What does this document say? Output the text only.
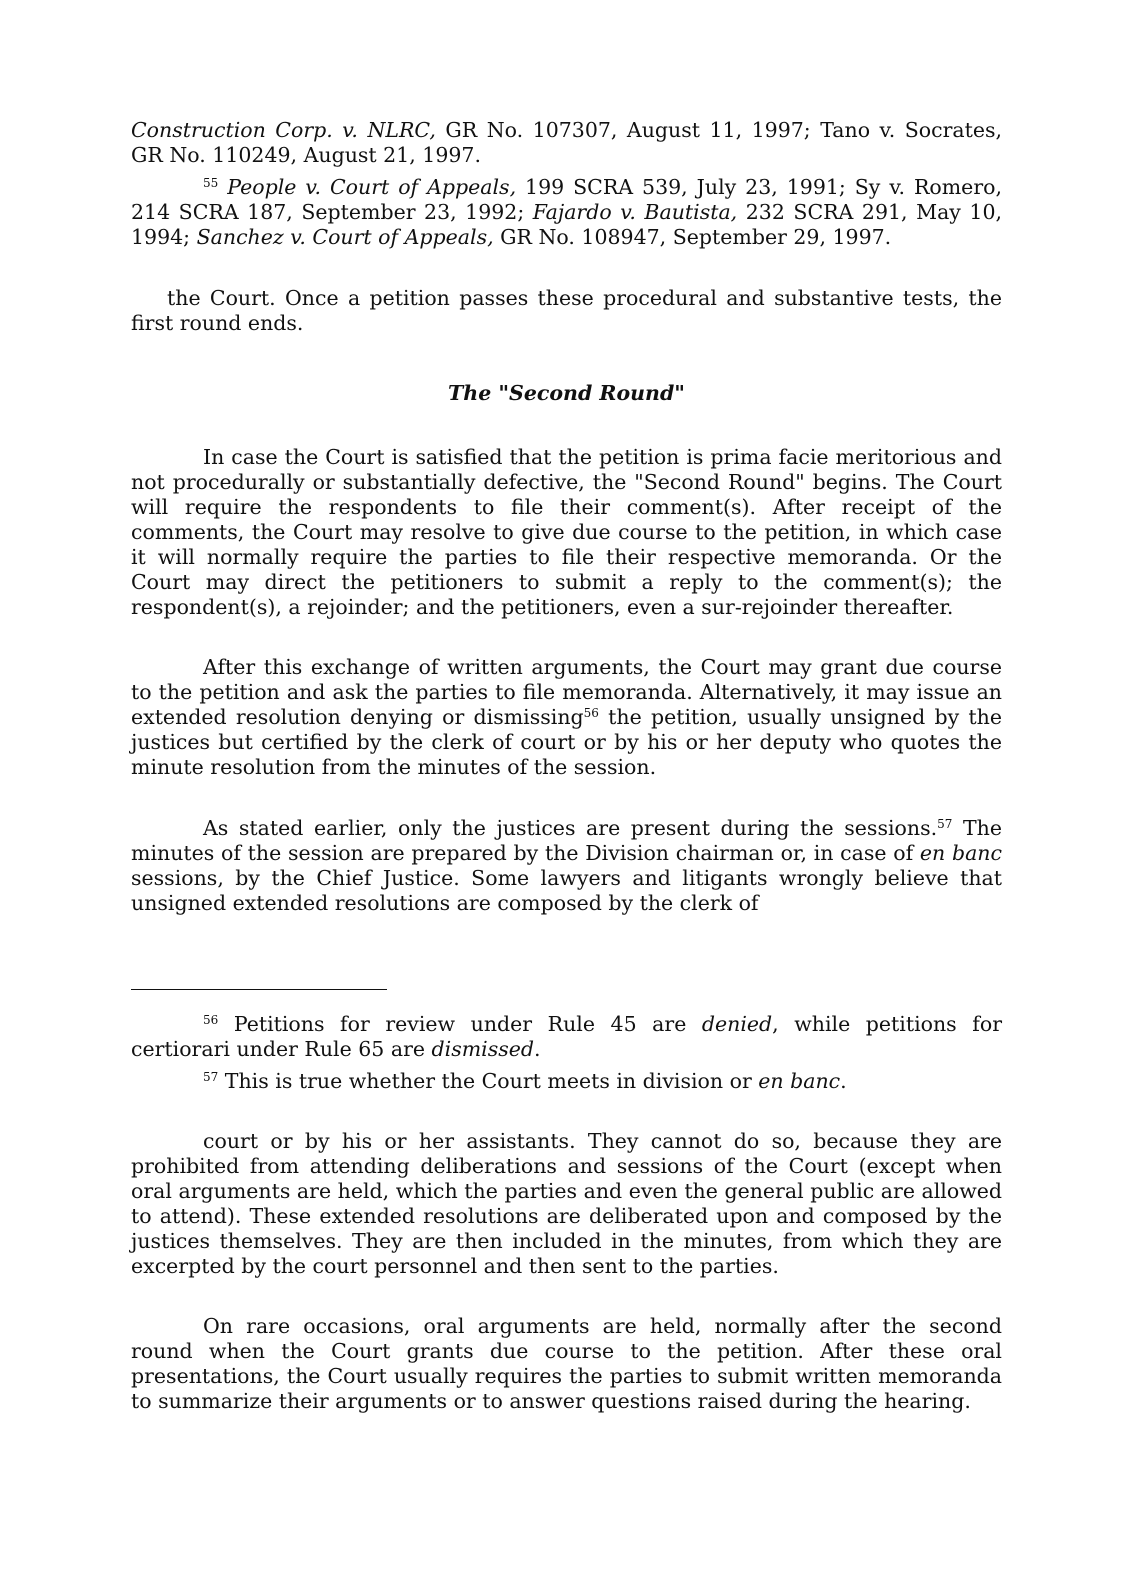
Construction Corp. v. NLRC, GR No. 107307, August 11, 1997; Tano v. Socrates, GR No. 110249, August 21, 1997.

$^{55}$ People v. Court of Appeals, 199 SCRA 539, July 23, 1991; Sy v. Romero, 214 SCRA 187, September 23, 1992; Fajardo v. Bautista, 232 SCRA 291, May 10, 1994; Sanchez v. Court of Appeals, GR No. 108947, September 29, 1997.

the Court. Once a petition passes these procedural and substantive tests, the first round ends.

The "Second Round"

In case the Court is satisfied that the petition is prima facie meritorious and not procedurally or substantially defective, the "Second Round" begins. The Court will require the respondents to file their comment(s). After receipt of the comments, the Court may resolve to give due course to the petition, in which case it will normally require the parties to file their respective memoranda. Or the Court may direct the petitioners to submit a reply to the comment(s); the respondent(s), a rejoinder; and the petitioners, even a sur-rejoinder thereafter.

After this exchange of written arguments, the Court may grant due course to the petition and ask the parties to file memoranda. Alternatively, it may issue an extended resolution denying or dismissing$^{56}$ the petition, usually unsigned by the justices but certified by the clerk of court or by his or her deputy who quotes the minute resolution from the minutes of the session.

As stated earlier, only the justices are present during the sessions.$^{57}$ The minutes of the session are prepared by the Division chairman or, in case of en banc sessions, by the Chief Justice. Some lawyers and litigants wrongly believe that unsigned extended resolutions are composed by the clerk of

$^{56}$ Petitions for review under Rule 45 are denied, while petitions for certiorari under Rule 65 are dismissed.

$^{57}$ This is true whether the Court meets in division or en banc.

court or by his or her assistants. They cannot do so, because they are prohibited from attending deliberations and sessions of the Court (except when oral arguments are held, which the parties and even the general public are allowed to attend). These extended resolutions are deliberated upon and composed by the justices themselves. They are then included in the minutes, from which they are excerpted by the court personnel and then sent to the parties.

On rare occasions, oral arguments are held, normally after the second round when the Court grants due course to the petition. After these oral presentations, the Court usually requires the parties to submit written memoranda to summarize their arguments or to answer questions raised during the hearing.
